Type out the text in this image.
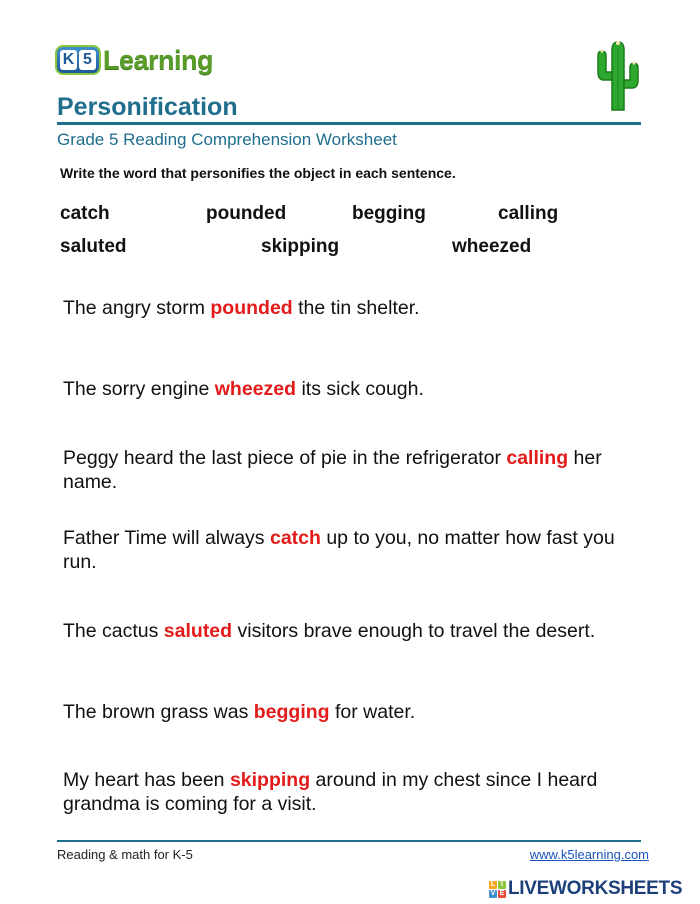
K 5 Learning
Personification
Grade 5 Reading Comprehension Worksheet
Write the word that personifies the object in each sentence.
catch	pounded	begging	calling
saluted	skipping	wheezed
The angry storm pounded the tin shelter.
The sorry engine wheezed its sick cough.
Peggy heard the last piece of pie in the refrigerator calling her name.
Father Time will always catch up to you, no matter how fast you run.
The cactus saluted visitors brave enough to travel the desert.
The brown grass was begging for water.
My heart has been skipping around in my chest since I heard grandma is coming for a visit.
Reading & math for K-5	www.k5learning.com
L I
V E LIVEWORKSHEETS
